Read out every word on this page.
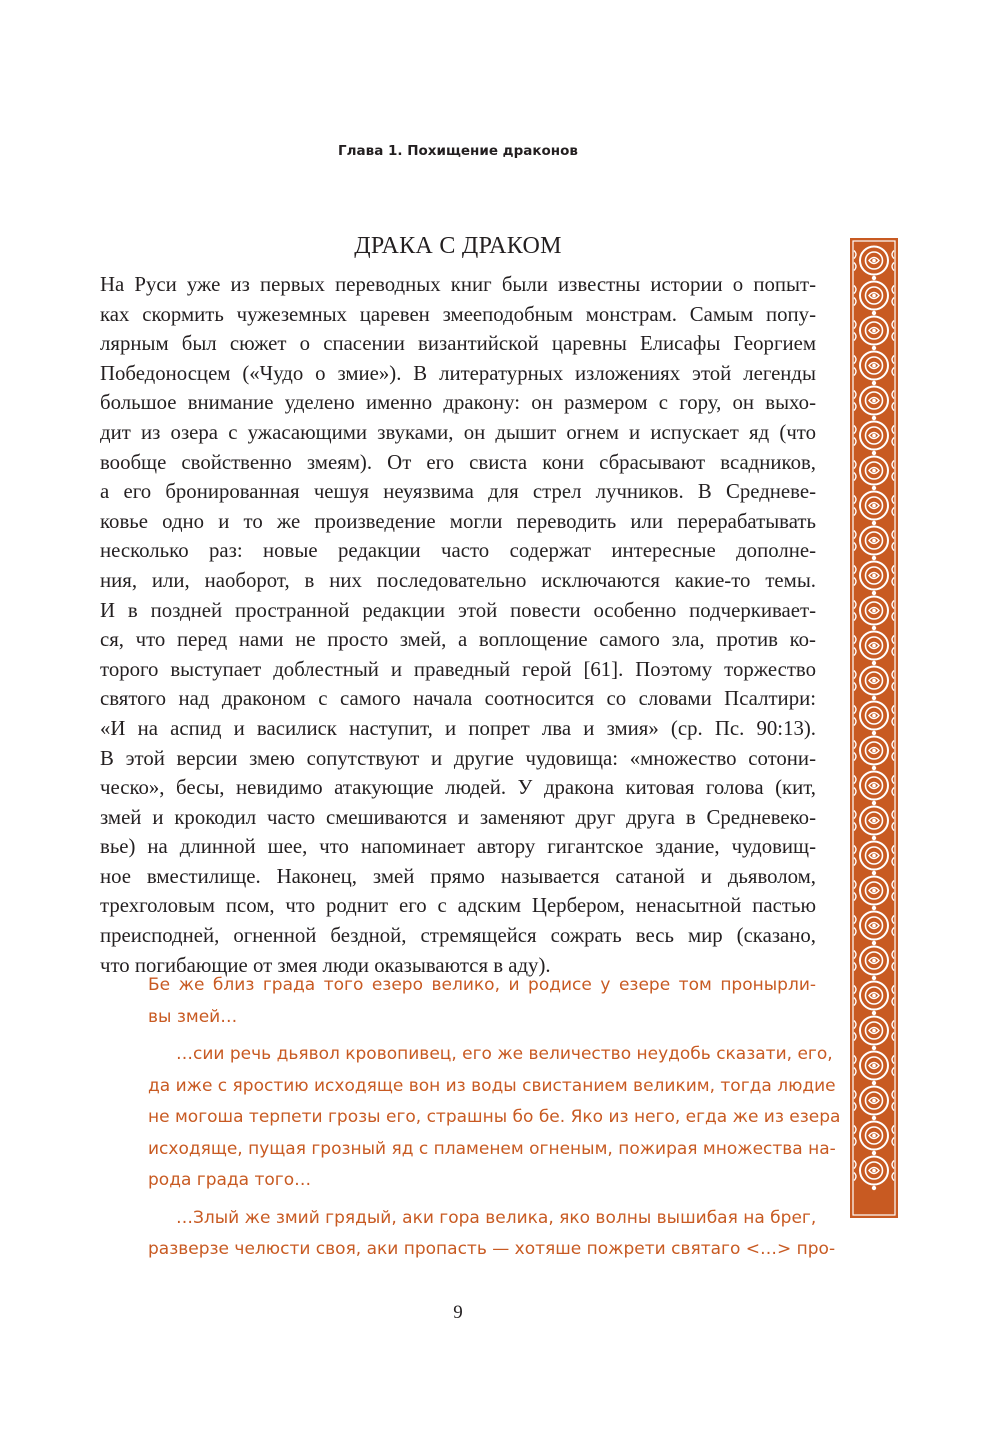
Глава 1. Похищение драконов
ДРАКА С ДРАКОМ
На Руси уже из первых переводных книг были известны истории о попыт-
ках скормить чужеземных царевен змееподобным монстрам. Самым попу-
лярным был сюжет о спасении византийской царевны Елисафы Георгием
Победоносцем («Чудо о змие»). В литературных изложениях этой легенды
большое внимание уделено именно дракону: он размером с гору, он выхо-
дит из озера с ужасающими звуками, он дышит огнем и испускает яд (что
вообще свойственно змеям). От его свиста кони сбрасывают всадников,
а его бронированная чешуя неуязвима для стрел лучников. В Средневе-
ковье одно и то же произведение могли переводить или перерабатывать
несколько раз: новые редакции часто содержат интересные дополне-
ния, или, наоборот, в них последовательно исключаются какие-то темы.
И в поздней пространной редакции этой повести особенно подчеркивает-
ся, что перед нами не просто змей, а воплощение самого зла, против ко-
торого выступает доблестный и праведный герой [61]. Поэтому торжество
святого над драконом с самого начала соотносится со словами Псалтири:
«И на аспид и василиск наступит, и попрет лва и змия» (ср. Пс. 90:13).
В этой версии змею сопутствуют и другие чудовища: «множество сотони-
ческо», бесы, невидимо атакующие людей. У дракона китовая голова (кит,
змей и крокодил часто смешиваются и заменяют друг друга в Средневеко-
вье) на длинной шее, что напоминает автору гигантское здание, чудовищ-
ное вместилище. Наконец, змей прямо называется сатаной и дьяволом,
трехголовым псом, что роднит его с адским Цербером, ненасытной пастью
преисподней, огненной бездной, стремящейся сожрать весь мир (сказано,
что погибающие от змея люди оказываются в аду).
Бе же близ града того езеро велико, и родисе у езере том пронырли-
вы змей…
…сии речь дьявол кровопивец, его же величество неудобь сказати, его,
да иже с яростию исходяще вон из воды свистанием великим, тогда людие
не могоша терпети грозы его, страшны бо бе. Яко из него, егда же из езера
исходяще, пущая грозный яд с пламенем огненым, пожирая множества на-
рода града того…
…Злый же змий грядый, аки гора велика, яко волны вышибая на брег,
разверзе челюсти своя, аки пропасть — хотяше пожрети святаго <…> про-
9
